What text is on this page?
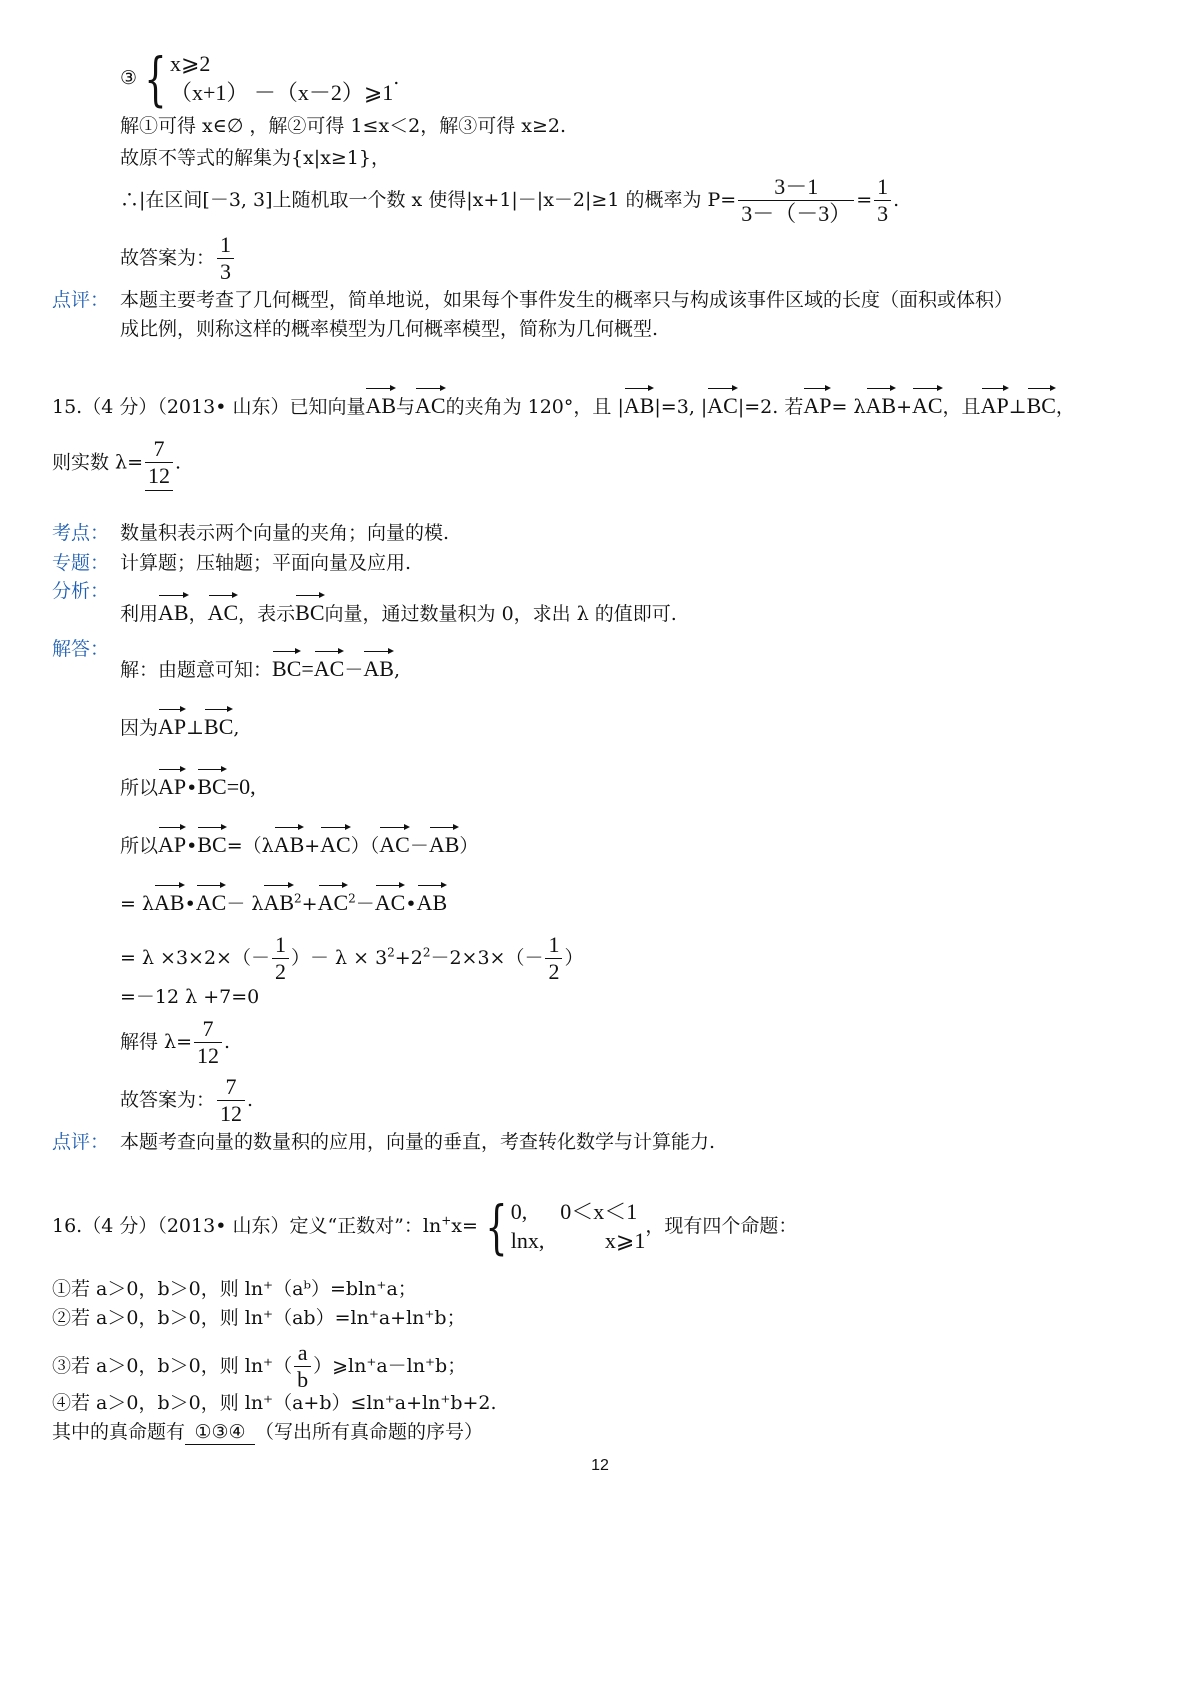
③ { x⩾2
（x+1） －（x－2）⩾1
.
解①可得 x∈∅ ，解②可得 1≤x＜2，解③可得 x≥2.
故原不等式的解集为{x|x≥1}，
∴|在区间[－3, 3]上随机取一个数 x 使得|x+1|－|x－2|≥1 的概率为 $P= \frac{3-1}{3-(-3)} = \frac{1}{3}$ .
故答案为： $\frac{1}{3}$
点评： 本题主要考查了几何概型，简单地说，如果每个事件发生的概率只与构成该事件区域的长度（面积或体积）
成比例，则称这样的概率模型为几何概率模型，简称为几何概型.
15.（4 分）（2013• 山东）已知向量AB与AC的夹角为 120°，且 |AB|=3, |AC|=2. 若AP= λAB+AC，且AP⊥BC，
则实数 $\lambda= \frac{7}{12}$ .
考点： 数量积表示两个向量的夹角；向量的模.
专题： 计算题；压轴题；平面向量及应用.
分析：
利用AB，AC，表示BC向量，通过数量积为 0，求出 λ 的值即可.
解答：
解：由题意可知：BC=AC－AB,
因为AP⊥BC,
所以AP•BC=0,
所以AP•BC=（λAB+AC）（AC－AB）
= λAB•AC－ $\lambda AB^2+AC^2-AC•AB$
= $\lambda \times 3\times 2\times(- \frac{1}{2}$ ）－ $\lambda \times 3^2+2^2-2\times 3\times(- \frac{1}{2}$ ）
=－12 λ +7=0
解得 $\lambda= \frac{7}{12}$ .
故答案为： $\frac{7}{12}$ .
点评： 本题考查向量的数量积的应用，向量的垂直，考查转化数学与计算能力.
16.（4 分）（2013• 山东）定义“正数对”：ln+x= { 0,      0＜x＜1
lnx,           x⩾1
，现有四个命题：
①若 a＞0，b＞0，则 ln⁺（aᵇ）=bln⁺a；
②若 a＞0，b＞0，则 ln⁺（ab）=ln⁺a+ln⁺b；
③若 a＞0，b＞0，则 $\ln^+( \frac{a}{b}$ ）⩾ln⁺a－ln⁺b；
④若 a＞0，b＞0，则 ln⁺（a+b）≤ln⁺a+ln⁺b+2.
其中的真命题有 ①③④ （写出所有真命题的序号）
12
